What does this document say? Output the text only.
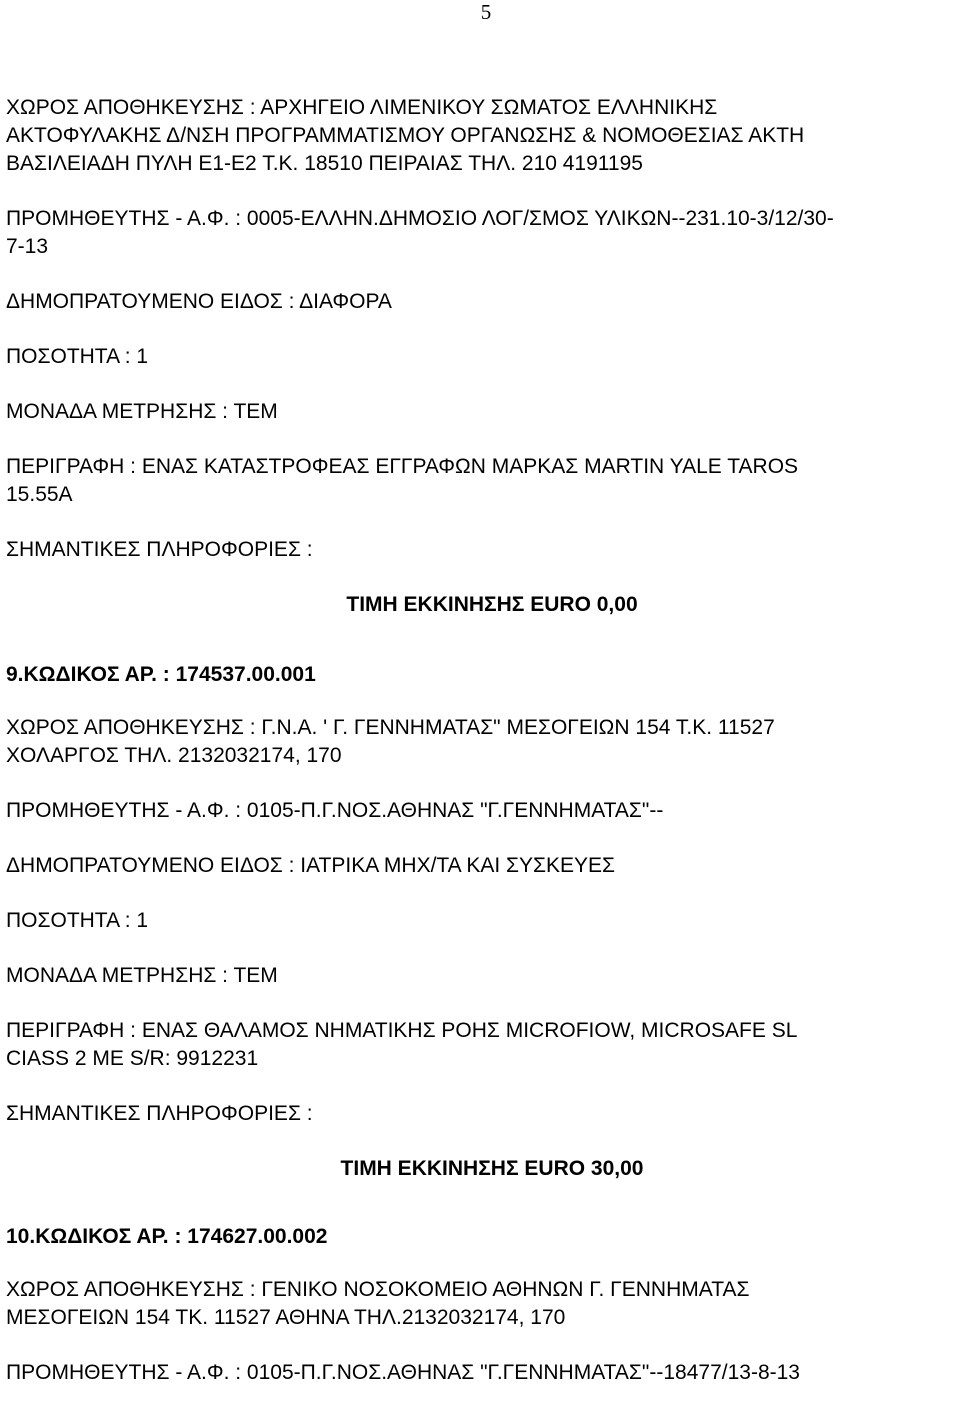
5

ΧΩΡΟΣ ΑΠΟΘΗΚΕΥΣΗΣ : ΑΡΧΗΓΕΙΟ ΛΙΜΕΝΙΚΟΥ ΣΩΜΑΤΟΣ ΕΛΛΗΝΙΚΗΣ

ΑΚΤΟΦΥΛΑΚΗΣ Δ/ΝΣΗ ΠΡΟΓΡΑΜΜΑΤΙΣΜΟΥ ΟΡΓΑΝΩΣΗΣ & ΝΟΜΟΘΕΣΙΑΣ ΑΚΤΗ

ΒΑΣΙΛΕΙΑΔΗ ΠΥΛΗ Ε1-Ε2 Τ.Κ. 18510 ΠΕΙΡΑΙΑΣ ΤΗΛ. 210 4191195

ΠΡΟΜΗΘΕΥΤΗΣ - Α.Φ. : 0005-ΕΛΛΗΝ.ΔΗΜΟΣΙΟ ΛΟΓ/ΣΜΟΣ ΥΛΙΚΩΝ--231.10-3/12/30-

7-13

ΔΗΜΟΠΡΑΤΟΥΜΕΝΟ ΕΙΔΟΣ : ΔΙΑΦΟΡΑ

ΠΟΣΟΤΗΤΑ : 1

ΜΟΝΑΔΑ ΜΕΤΡΗΣΗΣ : ΤΕΜ

ΠΕΡΙΓΡΑΦΗ : ΕΝΑΣ ΚΑΤΑΣΤΡΟΦΕΑΣ ΕΓΓΡΑΦΩΝ ΜΑΡΚΑΣ MARTIN YALE TAROS

15.55A

ΣΗΜΑΝΤΙΚΕΣ ΠΛΗΡΟΦΟΡΙΕΣ :

ΤΙΜΗ ΕΚΚΙΝΗΣΗΣ EURO 0,00

9.ΚΩΔΙΚΟΣ ΑΡ. : 174537.00.001

ΧΩΡΟΣ ΑΠΟΘΗΚΕΥΣΗΣ : Γ.Ν.Α. ' Γ. ΓΕΝΝΗΜΑΤΑΣ" ΜΕΣΟΓΕΙΩΝ 154 Τ.Κ. 11527

ΧΟΛΑΡΓΟΣ ΤΗΛ. 2132032174, 170

ΠΡΟΜΗΘΕΥΤΗΣ - Α.Φ. : 0105-Π.Γ.ΝΟΣ.ΑΘΗΝΑΣ "Γ.ΓΕΝΝΗΜΑΤΑΣ"--

ΔΗΜΟΠΡΑΤΟΥΜΕΝΟ ΕΙΔΟΣ : ΙΑΤΡΙΚΑ ΜΗΧ/ΤΑ ΚΑΙ ΣΥΣΚΕΥΕΣ

ΠΟΣΟΤΗΤΑ : 1

ΜΟΝΑΔΑ ΜΕΤΡΗΣΗΣ : ΤΕΜ

ΠΕΡΙΓΡΑΦΗ : ΕΝΑΣ ΘΑΛΑΜΟΣ ΝΗΜΑΤΙΚΗΣ ΡΟΗΣ MICROFIOW, MICROSAFE SL

CIASS 2 ME S/R: 9912231

ΣΗΜΑΝΤΙΚΕΣ ΠΛΗΡΟΦΟΡΙΕΣ :

ΤΙΜΗ ΕΚΚΙΝΗΣΗΣ EURO 30,00

10.ΚΩΔΙΚΟΣ ΑΡ. : 174627.00.002

ΧΩΡΟΣ ΑΠΟΘΗΚΕΥΣΗΣ : ΓΕΝΙΚΟ ΝΟΣΟΚΟΜΕΙΟ ΑΘΗΝΩΝ Γ. ΓΕΝΝΗΜΑΤΑΣ

ΜΕΣΟΓΕΙΩΝ 154 ΤΚ. 11527 ΑΘΗΝΑ ΤΗΛ.2132032174, 170

ΠΡΟΜΗΘΕΥΤΗΣ - Α.Φ. : 0105-Π.Γ.ΝΟΣ.ΑΘΗΝΑΣ "Γ.ΓΕΝΝΗΜΑΤΑΣ"--18477/13-8-13
